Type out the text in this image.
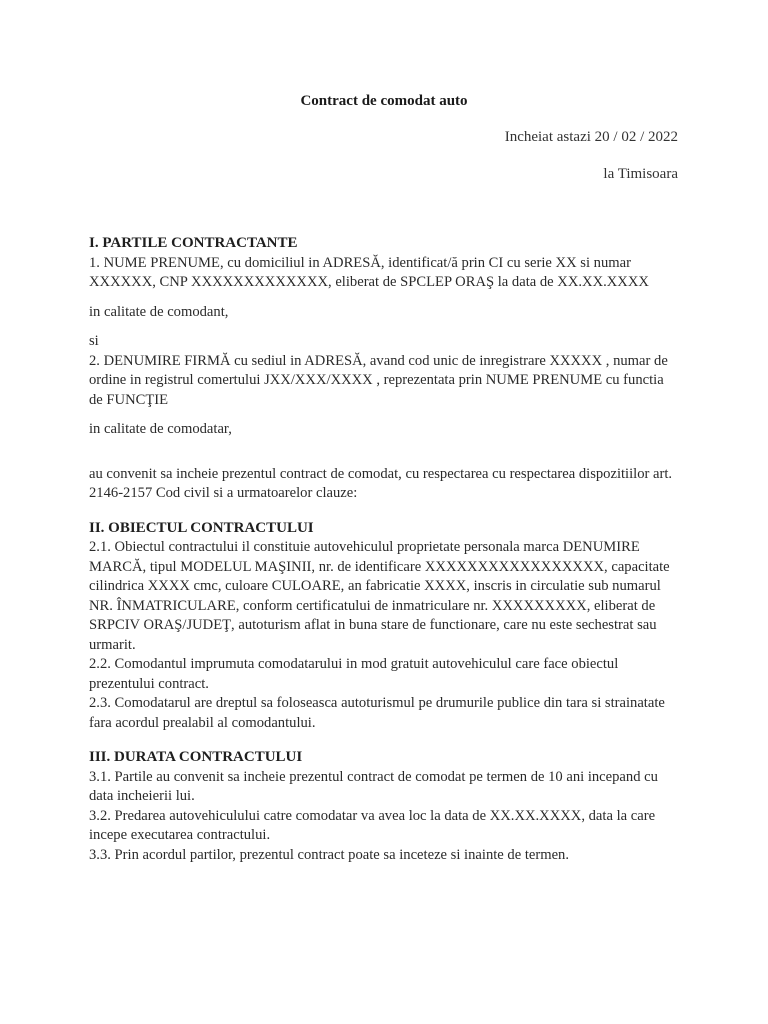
Contract de comodat auto
Incheiat astazi 20 / 02 / 2022
la Timisoara

I. PARTILE CONTRACTANTE

1. NUME PRENUME, cu domiciliul in ADRESĂ, identificat/ă prin CI cu serie XX si numar XXXXXX, CNP XXXXXXXXXXXXX, eliberat de SPCLEP ORAŞ la data de XX.XX.XXXX

in calitate de comodant,

si

2. DENUMIRE FIRMĂ cu sediul in ADRESĂ, avand cod unic de inregistrare XXXXX , numar de ordine in registrul comertului JXX/XXX/XXXX , reprezentata prin NUME PRENUME cu functia de FUNCŢIE

in calitate de comodatar,

au convenit sa incheie prezentul contract de comodat, cu respectarea cu respectarea dispozitiilor art. 2146-2157 Cod civil si a urmatoarelor clauze:

II. OBIECTUL CONTRACTULUI

2.1. Obiectul contractului il constituie autovehiculul proprietate personala marca DENUMIRE MARCĂ, tipul MODELUL MAŞINII, nr. de identificare XXXXXXXXXXXXXXXXX, capacitate cilindrica XXXX cmc, culoare CULOARE, an fabricatie XXXX, inscris in circulatie sub numarul NR. ÎNMATRICULARE, conform certificatului de inmatriculare nr. XXXXXXXXX, eliberat de SRPCIV ORAŞ/JUDEŢ, autoturism aflat in buna stare de functionare, care nu este sechestrat sau urmarit.

2.2. Comodantul imprumuta comodatarului in mod gratuit autovehiculul care face obiectul prezentului contract.

2.3. Comodatarul are dreptul sa foloseasca autoturismul pe drumurile publice din tara si strainatate fara acordul prealabil al comodantului.

III. DURATA CONTRACTULUI

3.1. Partile au convenit sa incheie prezentul contract de comodat pe termen de 10 ani incepand cu data incheierii lui.

3.2. Predarea autovehiculului catre comodatar va avea loc la data de XX.XX.XXXX, data la care incepe executarea contractului.

3.3. Prin acordul partilor, prezentul contract poate sa inceteze si inainte de termen.
